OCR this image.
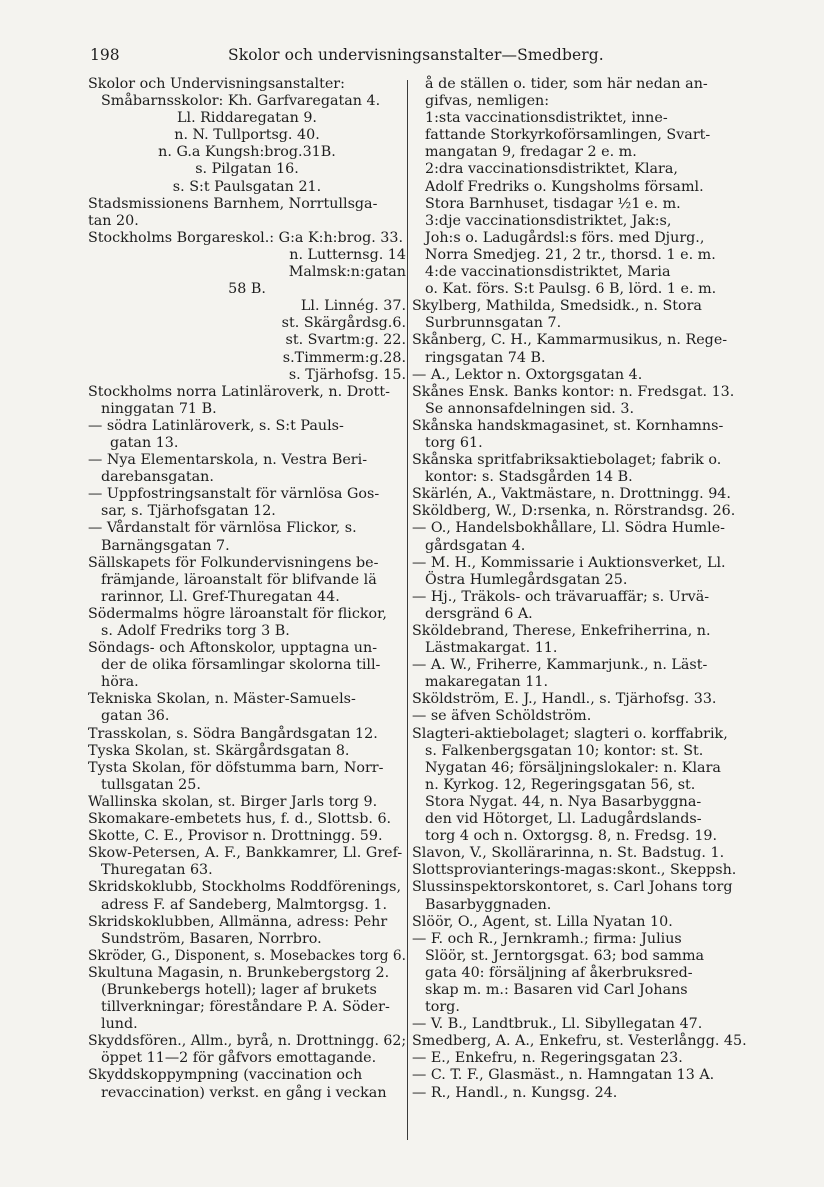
198	Skolor och undervisningsanstalter—Smedberg.
Skolor och Undervisningsanstalter:
Småbarnsskolor: Kh. Garfvaregatan 4.
Ll. Riddaregatan 9.
n. N. Tullportsg. 40.
n. G.a Kungsh:brog.31B.
s. Pilgatan 16.
s. S:t Paulsgatan 21.
Stadsmissionens Barnhem, Norrtullsga-
tan 20.
Stockholms Borgareskol.: G:a K:h:brog. 33.
n. Lutternsg. 14
Malmsk:n:gatan
58 B.
Ll. Linnég. 37.
st. Skärgårdsg.6.
st. Svartm:g. 22.
s.Timmerm:g.28.
s. Tjärhofsg. 15.
Stockholms norra Latinläroverk, n. Drott-
ninggatan 71 B.
— södra Latinläroverk, s. S:t Pauls-
gatan 13.
— Nya Elementarskola, n. Vestra Beri-
darebansgatan.
— Uppfostringsanstalt för värnlösa Gos-
sar, s. Tjärhofsgatan 12.
— Vårdanstalt för värnlösa Flickor, s.
Barnängsgatan 7.
Sällskapets för Folkundervisningens be-
främjande, läroanstalt för blifvande lä
rarinnor, Ll. Gref-Thuregatan 44.
Södermalms högre läroanstalt för flickor,
s. Adolf Fredriks torg 3 B.
Söndags- och Aftonskolor, upptagna un-
der de olika församlingar skolorna till-
höra.
Tekniska Skolan, n. Mäster-Samuels-
gatan 36.
Trasskolan, s. Södra Bangårdsgatan 12.
Tyska Skolan, st. Skärgårdsgatan 8.
Tysta Skolan, för döfstumma barn, Norr-
tullsgatan 25.
Wallinska skolan, st. Birger Jarls torg 9.
Skomakare-embetets hus, f. d., Slottsb. 6.
Skotte, C. E., Provisor n. Drottningg. 59.
Skow-Petersen, A. F., Bankkamrer, Ll. Gref-
Thuregatan 63.
Skridskoklubb, Stockholms Roddförenings,
adress F. af Sandeberg, Malmtorgsg. 1.
Skridskoklubben, Allmänna, adress: Pehr
Sundström, Basaren, Norrbro.
Skröder, G., Disponent, s. Mosebackes torg 6.
Skultuna Magasin, n. Brunkebergstorg 2.
(Brunkebergs hotell); lager af brukets
tillverkningar; föreståndare P. A. Söder-
lund.
Skyddsfören., Allm., byrå, n. Drottningg. 62;
öppet 11—2 för gåfvors emottagande.
Skyddskoppympning (vaccination och
revaccination) verkst. en gång i veckan
å de ställen o. tider, som här nedan an-
gifvas, nemligen:
1:sta vaccinationsdistriktet, inne-
fattande Storkyrkoförsamlingen, Svart-
mangatan 9, fredagar 2 e. m.
2:dra vaccinationsdistriktet, Klara,
Adolf Fredriks o. Kungsholms församl.
Stora Barnhuset, tisdagar ½1 e. m.
3:dje vaccinationsdistriktet, Jak:s,
Joh:s o. Ladugårdsl:s förs. med Djurg.,
Norra Smedjeg. 21, 2 tr., thorsd. 1 e. m.
4:de vaccinationsdistriktet, Maria
o. Kat. förs. S:t Paulsg. 6 B, lörd. 1 e. m.
Skylberg, Mathilda, Smedsidk., n. Stora
Surbrunnsgatan 7.
Skånberg, C. H., Kammarmusikus, n. Rege-
ringsgatan 74 B.
— A., Lektor n. Oxtorgsgatan 4.
Skånes Ensk. Banks kontor: n. Fredsgat. 13.
Se annonsafdelningen sid. 3.
Skånska handskmagasinet, st. Kornhamns-
torg 61.
Skånska spritfabriksaktiebolaget; fabrik o.
kontor: s. Stadsgården 14 B.
Skärlén, A., Vaktmästare, n. Drottningg. 94.
Sköldberg, W., D:rsenka, n. Rörstrandsg. 26.
— O., Handelsbokhållare, Ll. Södra Humle-
gårdsgatan 4.
— M. H., Kommissarie i Auktionsverket, Ll.
Östra Humlegårdsgatan 25.
— Hj., Träkols- och trävaruaffär; s. Urvä-
dersgränd 6 A.
Sköldebrand, Therese, Enkefriherrina, n.
Lästmakargat. 11.
— A. W., Friherre, Kammarjunk., n. Läst-
makaregatan 11.
Sköldström, E. J., Handl., s. Tjärhofsg. 33.
— se äfven Schöldström.
Slagteri-aktiebolaget; slagteri o. korffabrik,
s. Falkenbergsgatan 10; kontor: st. St.
Nygatan 46; försäljningslokaler: n. Klara
n. Kyrkog. 12, Regeringsgatan 56, st.
Stora Nygat. 44, n. Nya Basarbyggna-
den vid Hötorget, Ll. Ladugårdslands-
torg 4 och n. Oxtorgsg. 8, n. Fredsg. 19.
Slavon, V., Skollärarinna, n. St. Badstug. 1.
Slottsprovianterings-magas:skont., Skeppsh.
Slussinspektorskontoret, s. Carl Johans torg
Basarbyggnaden.
Slöör, O., Agent, st. Lilla Nyatan 10.
— F. och R., Jernkramh.; firma: Julius
Slöör, st. Jerntorgsgat. 63; bod samma
gata 40: försäljning af åkerbruksred-
skap m. m.: Basaren vid Carl Johans
torg.
— V. B., Landtbruk., Ll. Sibyllegatan 47.
Smedberg, A. A., Enkefru, st. Vesterlångg. 45.
— E., Enkefru, n. Regeringsgatan 23.
— C. T. F., Glasmäst., n. Hamngatan 13 A.
— R., Handl., n. Kungsg. 24.
